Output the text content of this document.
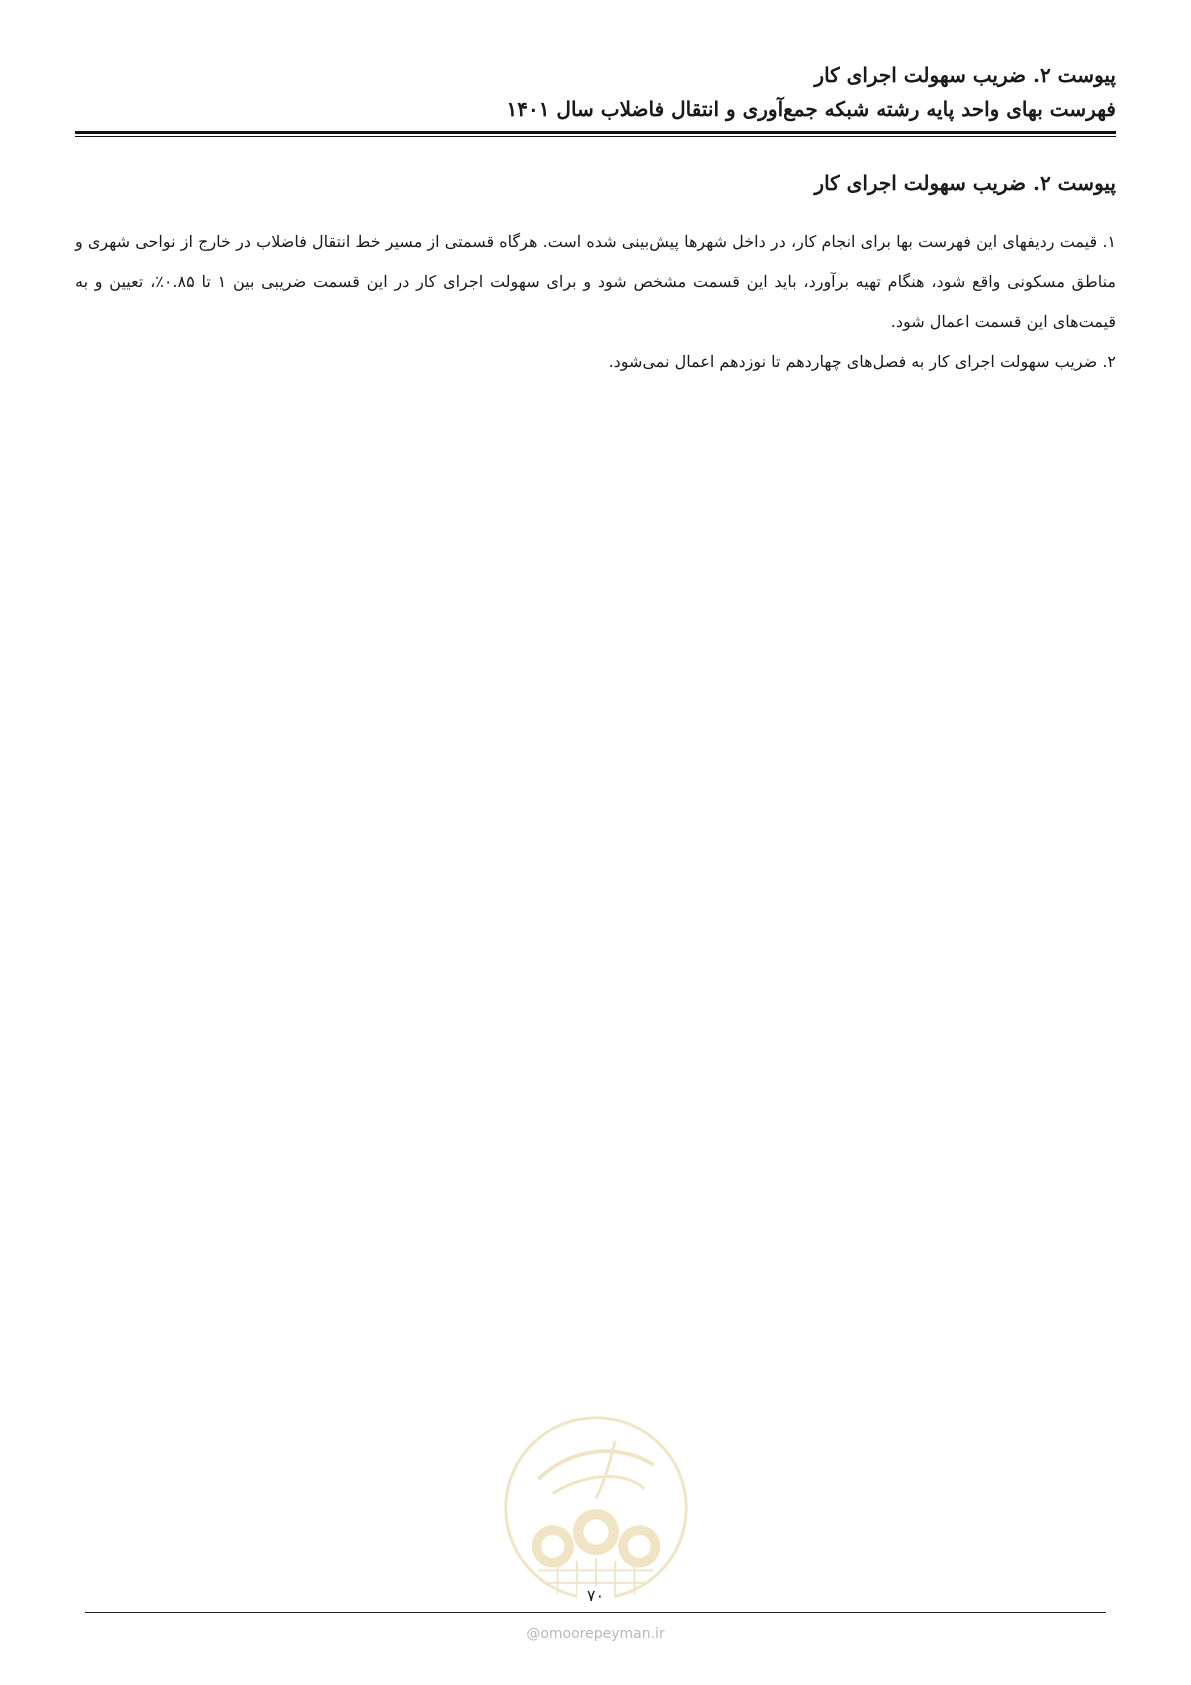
پیوست ۲. ضریب سهولت اجرای کار
فهرست بهای واحد پایه رشته شبکه جمع‌آوری و انتقال فاضلاب سال ۱۴۰۱
پیوست ۲. ضریب سهولت اجرای کار

۱. قیمت ردیفهای این فهرست بها برای انجام کار، در داخل شهرها پیش‌بینی شده است. هرگاه قسمتی از مسیر خط انتقال فاضلاب در خارج از نواحی شهری و مناطق مسکونی واقع شود، هنگام تهیه برآورد، باید این قسمت مشخص شود و برای سهولت اجرای کار در این قسمت ضریبی بین ۱ تا ۰.۸۵٪، تعیین و به قیمت‌های این قسمت اعمال شود.

۲. ضریب سهولت اجرای کار به فصل‌های چهاردهم تا نوزدهم اعمال نمی‌شود.

۷۰
@omoorepeyman.ir
